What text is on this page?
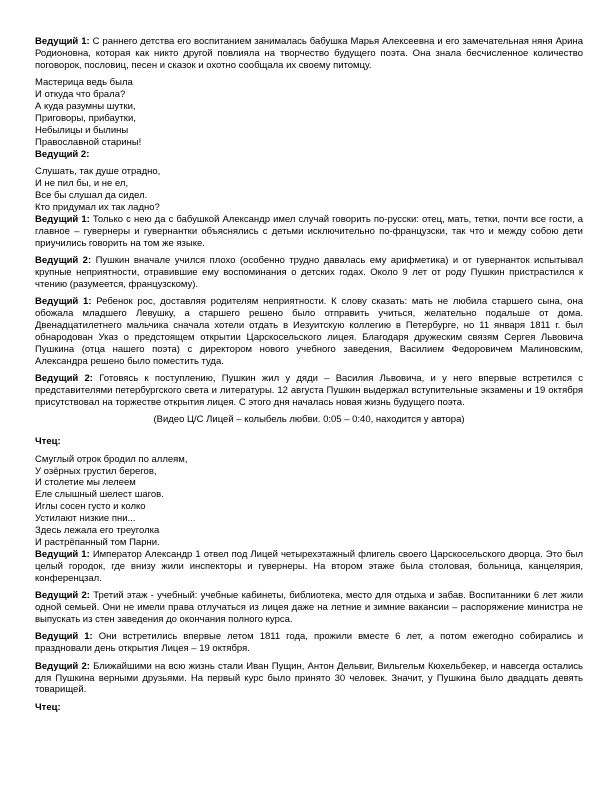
Ведущий 1: С раннего детства его воспитанием занималась бабушка Марья Алексеевна и его замечательная няня Арина Родионовна, которая как никто другой повлияла на творчество будущего поэта. Она знала бесчисленное количество поговорок, пословиц, песен и сказок и охотно сообщала их своему питомцу.

Мастерица ведь была
И откуда что брала?
А куда разумны шутки,
Приговоры, прибаутки,
Небылицы и былины
Православной старины!

Ведущий 2:

Слушать, так душе отрадно,
И не пил бы, и не ел,
Все бы слушал да сидел.
Кто придумал их так ладно?

Ведущий 1: Только с нею да с бабушкой Александр имел случай говорить по-русски: отец, мать, тетки, почти все гости, а главное – гувернеры и гувернантки объяснялись с детьми исключительно по-французски, так что и между собою дети приучились говорить на том же языке.

Ведущий 2: Пушкин вначале учился плохо (особенно трудно давалась ему арифметика) и от гувернанток испытывал крупные неприятности, отравившие ему воспоминания о детских годах. Около 9 лет от роду Пушкин пристрастился к чтению (разумеется, французскому).

Ведущий 1: Ребенок рос, доставляя родителям неприятности. К слову сказать: мать не любила старшего сына, она обожала младшего Левушку, а старшего решено было отправить учиться, желательно подальше от дома. Двенадцатилетнего мальчика сначала хотели отдать в Иезуитскую коллегию в Петербурге, но 11 января 1811 г. был обнародован Указ о предстоящем открытии Царскосельского лицея. Благодаря дружеским связям Сергея Львовича Пушкина (отца нашего поэта) с директором нового учебного заведения, Василием Федоровичем Малиновским, Александра решено было поместить туда.

Ведущий 2: Готовясь к поступлению, Пушкин жил у дяди – Василия Львовича, и у него впервые встретился с представителями петербургского света и литературы. 12 августа Пушкин выдержал вступительные экзамены и 19 октября присутствовал на торжестве открытия лицея. С этого дня началась новая жизнь будущего поэта.

(Видео Ц/С Лицей – колыбель любви. 0:05 – 0:40, находится у автора)

Чтец:

Смуглый отрок бродил по аллеям,
У озёрных грустил берегов,
И столетие мы лелеем
Еле слышный шелест шагов.
Иглы сосен густо и колко
Устилают низкие пни...
Здесь лежала его треуголка
И растрёпанный том Парни.

Ведущий 1: Император Александр 1 отвел под Лицей четырехэтажный флигель своего Царскосельского дворца. Это был целый городок, где внизу жили инспекторы и гувернеры. На втором этаже была столовая, больница, канцелярия, конференцзал.

Ведущий 2: Третий этаж - учебный: учебные кабинеты, библиотека, место для отдыха и забав. Воспитанники 6 лет жили одной семьей. Они не имели права отлучаться из лицея даже на летние и зимние вакансии – распоряжение министра не выпускать из стен заведения до окончания полного курса.

Ведущий 1: Они встретились впервые летом 1811 года, прожили вместе 6 лет, а потом ежегодно собирались и праздновали день открытия Лицея – 19 октября.

Ведущий 2: Ближайшими на всю жизнь стали Иван Пущин, Антон Дельвиг, Вильгельм Кюхельбекер, и навсегда остались для Пушкина верными друзьями. На первый курс было принято 30 человек. Значит, у Пушкина было двадцать девять товарищей.

Чтец:
